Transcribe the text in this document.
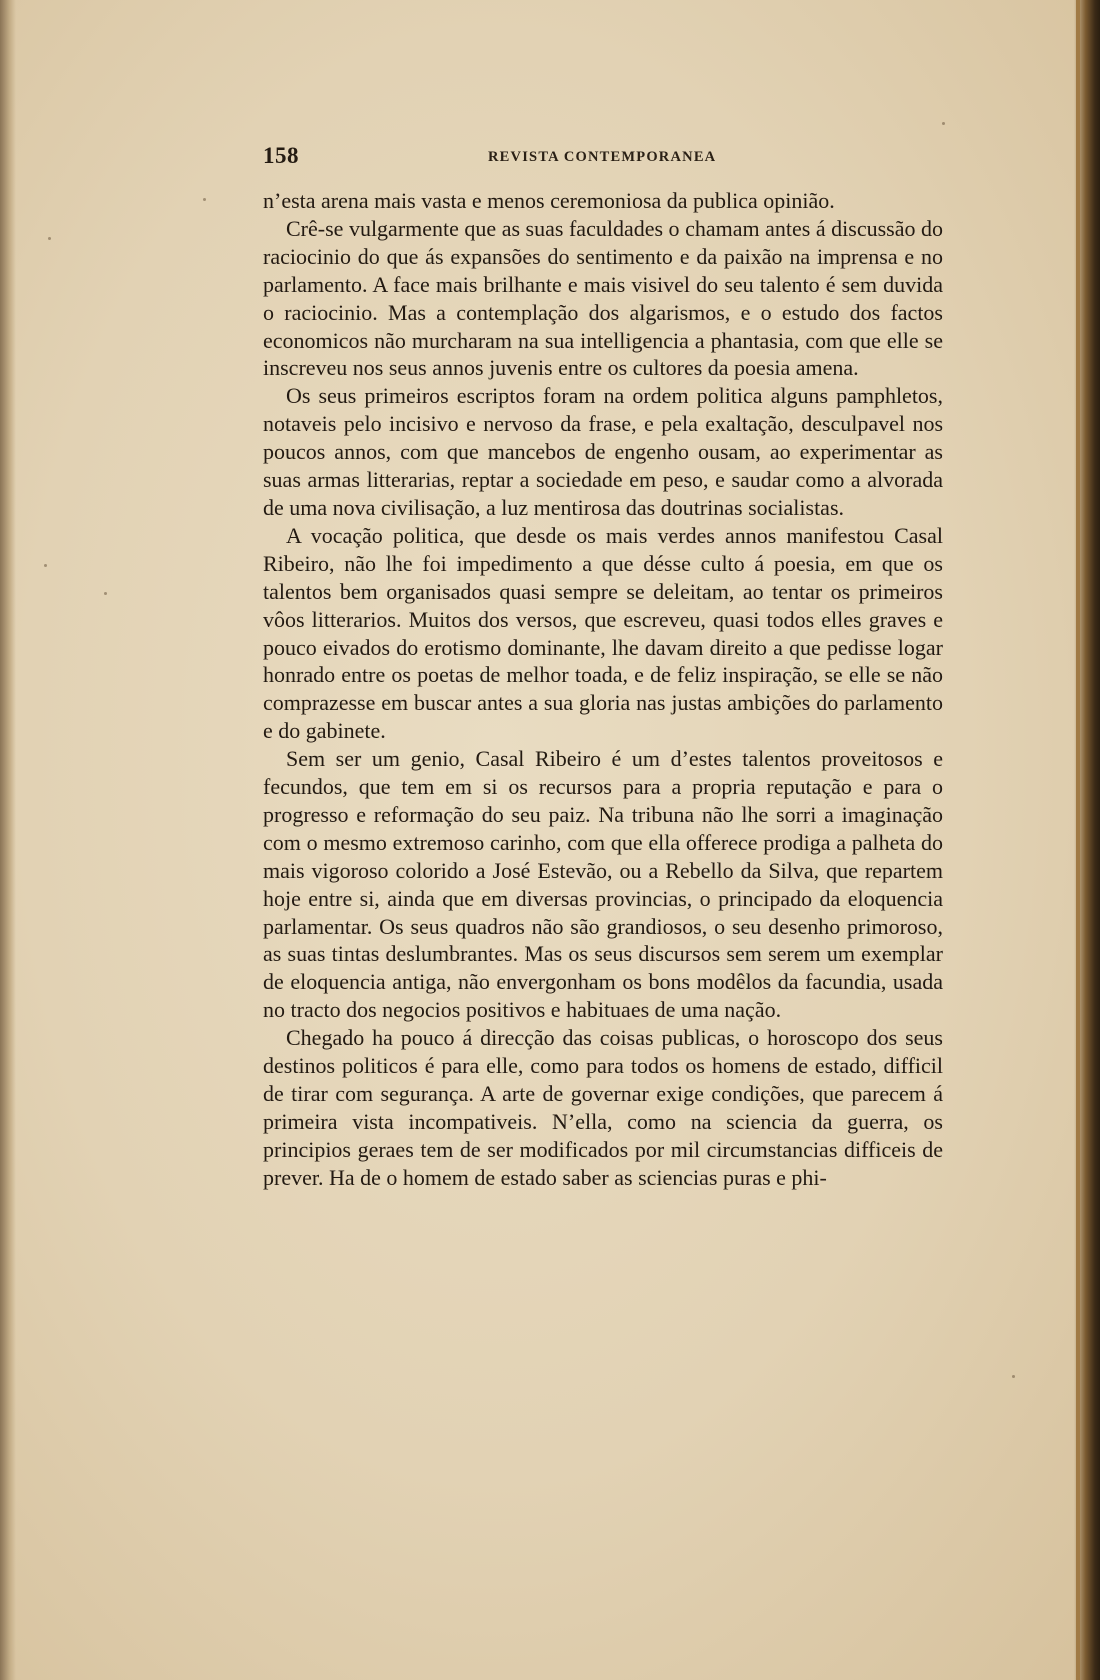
158	REVISTA CONTEMPORANEA

n’esta arena mais vasta e menos ceremoniosa da publica opinião.

Crê-se vulgarmente que as suas faculdades o chamam antes á discussão do raciocinio do que ás expansões do sentimento e da paixão na imprensa e no parlamento. A face mais brilhante e mais visivel do seu talento é sem duvida o raciocinio. Mas a contemplação dos algarismos, e o estudo dos factos economicos não murcharam na sua intelligencia a phantasia, com que elle se inscreveu nos seus annos juvenis entre os cultores da poesia amena.

Os seus primeiros escriptos foram na ordem politica alguns pamphletos, notaveis pelo incisivo e nervoso da frase, e pela exaltação, desculpavel nos poucos annos, com que mancebos de engenho ousam, ao experimentar as suas armas litterarias, reptar a sociedade em peso, e saudar como a alvorada de uma nova civilisação, a luz mentirosa das doutrinas socialistas.

A vocação politica, que desde os mais verdes annos manifestou Casal Ribeiro, não lhe foi impedimento a que désse culto á poesia, em que os talentos bem organisados quasi sempre se deleitam, ao tentar os primeiros vôos litterarios. Muitos dos versos, que escreveu, quasi todos elles graves e pouco eivados do erotismo dominante, lhe davam direito a que pedisse logar honrado entre os poetas de melhor toada, e de feliz inspiração, se elle se não comprazesse em buscar antes a sua gloria nas justas ambições do parlamento e do gabinete.

Sem ser um genio, Casal Ribeiro é um d’estes talentos proveitosos e fecundos, que tem em si os recursos para a propria reputação e para o progresso e reformação do seu paiz. Na tribuna não lhe sorri a imaginação com o mesmo extremoso carinho, com que ella offerece prodiga a palheta do mais vigoroso colorido a José Estevão, ou a Rebello da Silva, que repartem hoje entre si, ainda que em diversas provincias, o principado da eloquencia parlamentar. Os seus quadros não são grandiosos, o seu desenho primoroso, as suas tintas deslumbrantes. Mas os seus discursos sem serem um exemplar de eloquencia antiga, não envergonham os bons modêlos da facundia, usada no tracto dos negocios positivos e habituaes de uma nação.

Chegado ha pouco á direcção das coisas publicas, o horoscopo dos seus destinos politicos é para elle, como para todos os homens de estado, difficil de tirar com segurança. A arte de governar exige condições, que parecem á primeira vista incompativeis. N’ella, como na sciencia da guerra, os principios geraes tem de ser modificados por mil circumstancias difficeis de prever. Ha de o homem de estado saber as sciencias puras e phi-
